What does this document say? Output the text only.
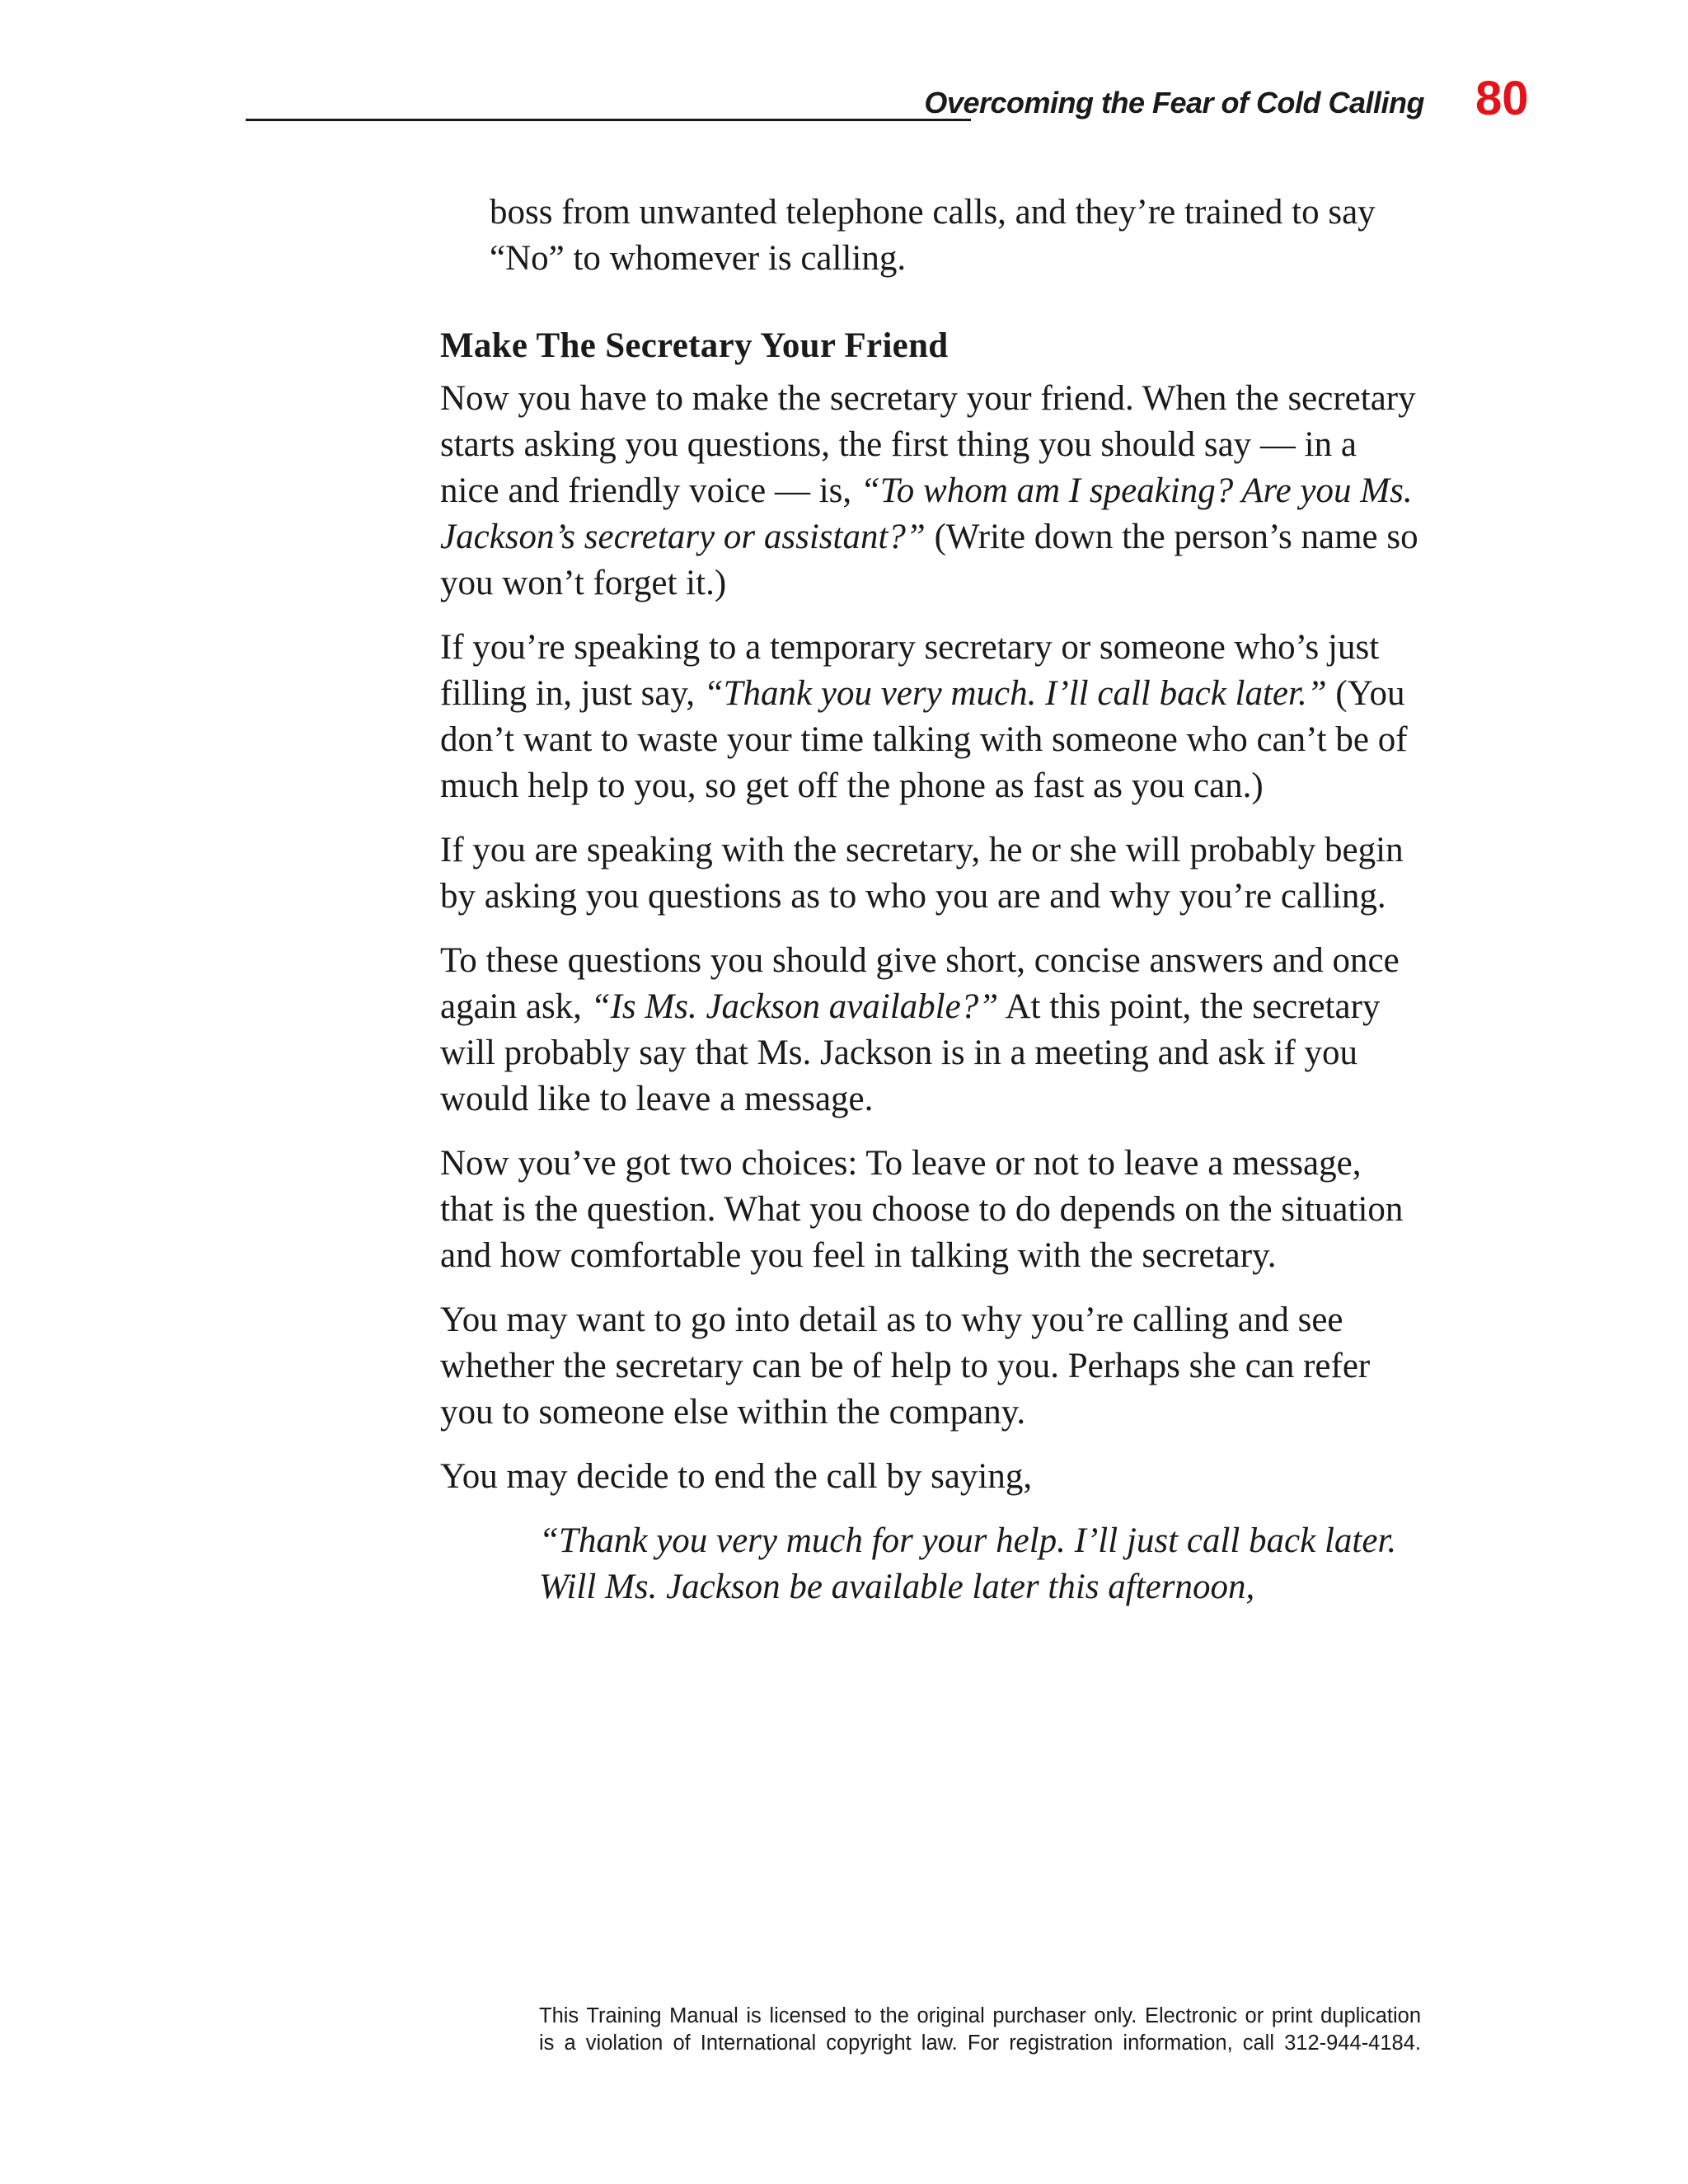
Overcoming the Fear of Cold Calling 80

boss from unwanted telephone calls, and they’re trained to say “No” to whomever is calling.

Make The Secretary Your Friend

Now you have to make the secretary your friend. When the secretary starts asking you questions, the first thing you should say — in a nice and friendly voice — is, “To whom am I speaking? Are you Ms. Jackson’s secretary or assistant?” (Write down the person’s name so you won’t forget it.)

If you’re speaking to a temporary secretary or someone who’s just filling in, just say, “Thank you very much. I’ll call back later.” (You don’t want to waste your time talking with someone who can’t be of much help to you, so get off the phone as fast as you can.)

If you are speaking with the secretary, he or she will probably begin by asking you questions as to who you are and why you’re calling.

To these questions you should give short, concise answers and once again ask, “Is Ms. Jackson available?” At this point, the secretary will probably say that Ms. Jackson is in a meeting and ask if you would like to leave a message.

Now you’ve got two choices: To leave or not to leave a message, that is the question. What you choose to do depends on the situation and how comfortable you feel in talking with the secretary.

You may want to go into detail as to why you’re calling and see whether the secretary can be of help to you. Perhaps she can refer you to someone else within the company.

You may decide to end the call by saying,

“Thank you very much for your help. I’ll just call back later. Will Ms. Jackson be available later this afternoon,

This Training Manual is licensed to the original purchaser only. Electronic or print duplication
is a violation of International copyright law. For registration information, call 312-944-4184.
